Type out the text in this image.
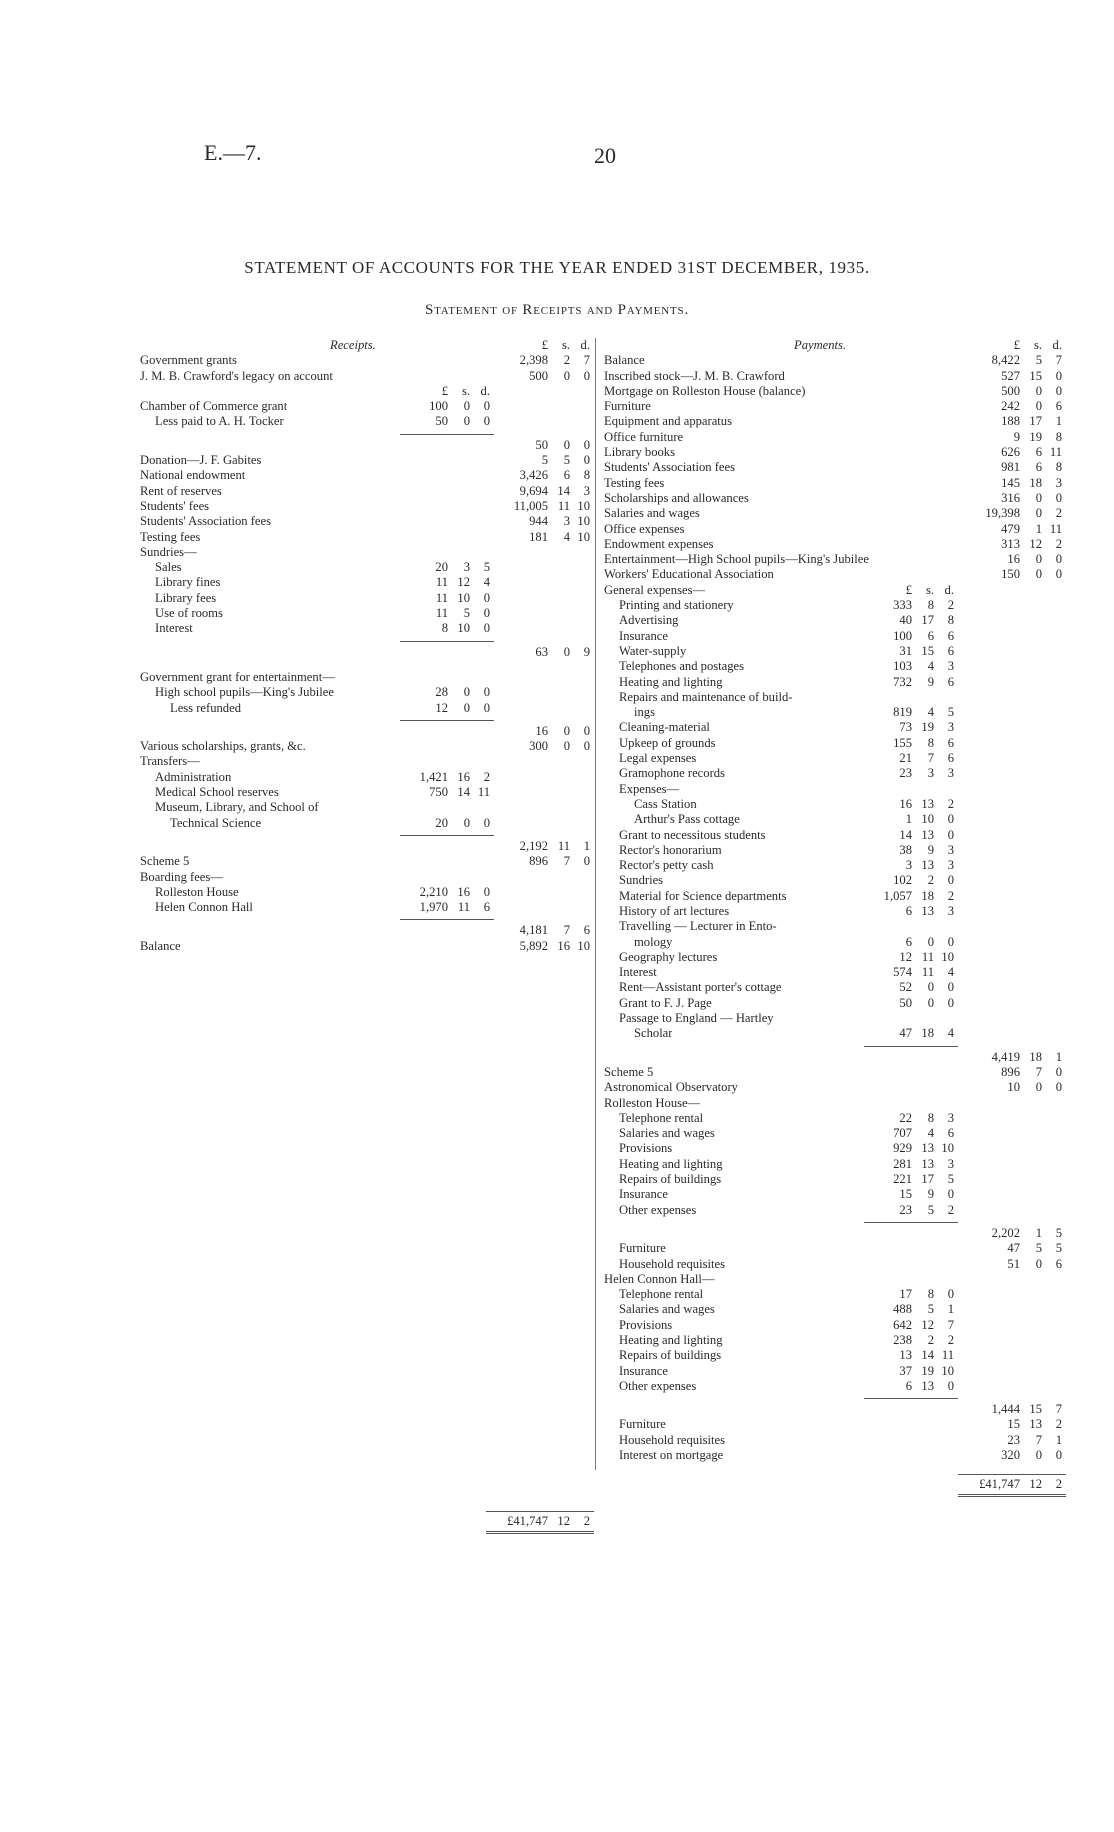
E.—7.	20
STATEMENT OF ACCOUNTS FOR THE YEAR ENDED 31ST DECEMBER, 1935.
Statement of Receipts and Payments.
Receipts.	£	s. d.
Government grants	2,398	2	7
J. M. B. Crawford's legacy on account	500	0	0
£	s. d.
Chamber of Commerce grant	100	0	0
Less paid to A. H. Tocker	50	0	0
50	0	0
Donation—J. F. Gabites	5	5	0
National endowment	3,426	6	8
Rent of reserves	9,694 14	3
Students' fees	11,005 11 10
Students' Association fees	944	3 10
Testing fees	181	4 10
Sundries—
Sales	20	3	5
Library fines	11 12	4
Library fees	11 10	0
Use of rooms	11	5	0
Interest	8 10	0
63	0	9
Government grant for entertainment—
High school pupils—King's Jubilee	28	0	0
Less refunded	12	0	0
16	0	0
Various scholarships, grants, &c.	300	0	0
Transfers—
Administration	1,421 16	2
Medical School reserves	750 14 11
Museum, Library, and School of
Technical Science	20	0	0
2,192 11	1
Scheme 5	896	7	0
Boarding fees—
Rolleston House	2,210 16	0
Helen Connon Hall	1,970 11	6
4,181	7	6
Balance	5,892 16 10
£41,747 12	2
Payments.	£	s. d.
Balance	8,422	5	7
Inscribed stock—J. M. B. Crawford	527 15	0
Mortgage on Rolleston House (balance)	500	0	0
Furniture	242	0	6
Equipment and apparatus	188 17	1
Office furniture	9 19	8
Library books	626	6 11
Students' Association fees	981	6	8
Testing fees	145 18	3
Scholarships and allowances	316	0	0
Salaries and wages	19,398	0	2
Office expenses	479	1 11
Endowment expenses	313 12	2
Entertainment—High School pupils—King's Jubilee	16	0	0
Workers' Educational Association	150	0	0
General expenses—	£	s. d.
Printing and stationery	333	8	2
Advertising	40 17	8
Insurance	100	6	6
Water-supply	31 15	6
Telephones and postages	103	4	3
Heating and lighting	732	9	6
Repairs and maintenance of build-
ings	819	4	5
Cleaning-material	73 19	3
Upkeep of grounds	155	8	6
Legal expenses	21	7	6
Gramophone records	23	3	3
Expenses—
Cass Station	16 13	2
Arthur's Pass cottage	1 10	0
Grant to necessitous students	14 13	0
Rector's honorarium	38	9	3
Rector's petty cash	3 13	3
Sundries	102	2	0
Material for Science departments	1,057 18	2
History of art lectures	6 13	3
Travelling — Lecturer in Ento-
mology	6	0	0
Geography lectures	12 11 10
Interest	574 11	4
Rent—Assistant porter's cottage	52	0	0
Grant to F. J. Page	50	0	0
Passage to England — Hartley
Scholar	47 18	4
4,419 18	1
Scheme 5	896	7	0
Astronomical Observatory	10	0	0
Rolleston House—
Telephone rental	22	8	3
Salaries and wages	707	4	6
Provisions	929 13 10
Heating and lighting	281 13	3
Repairs of buildings	221 17	5
Insurance	15	9	0
Other expenses	23	5	2
2,202	1	5
Furniture	47	5	5
Household requisites	51	0	6
Helen Connon Hall—
Telephone rental	17	8	0
Salaries and wages	488	5	1
Provisions	642 12	7
Heating and lighting	238	2	2
Repairs of buildings	13 14 11
Insurance	37 19 10
Other expenses	6 13	0
1,444 15	7
Furniture	15 13	2
Household requisites	23	7	1
Interest on mortgage	320	0	0
£41,747 12	2
